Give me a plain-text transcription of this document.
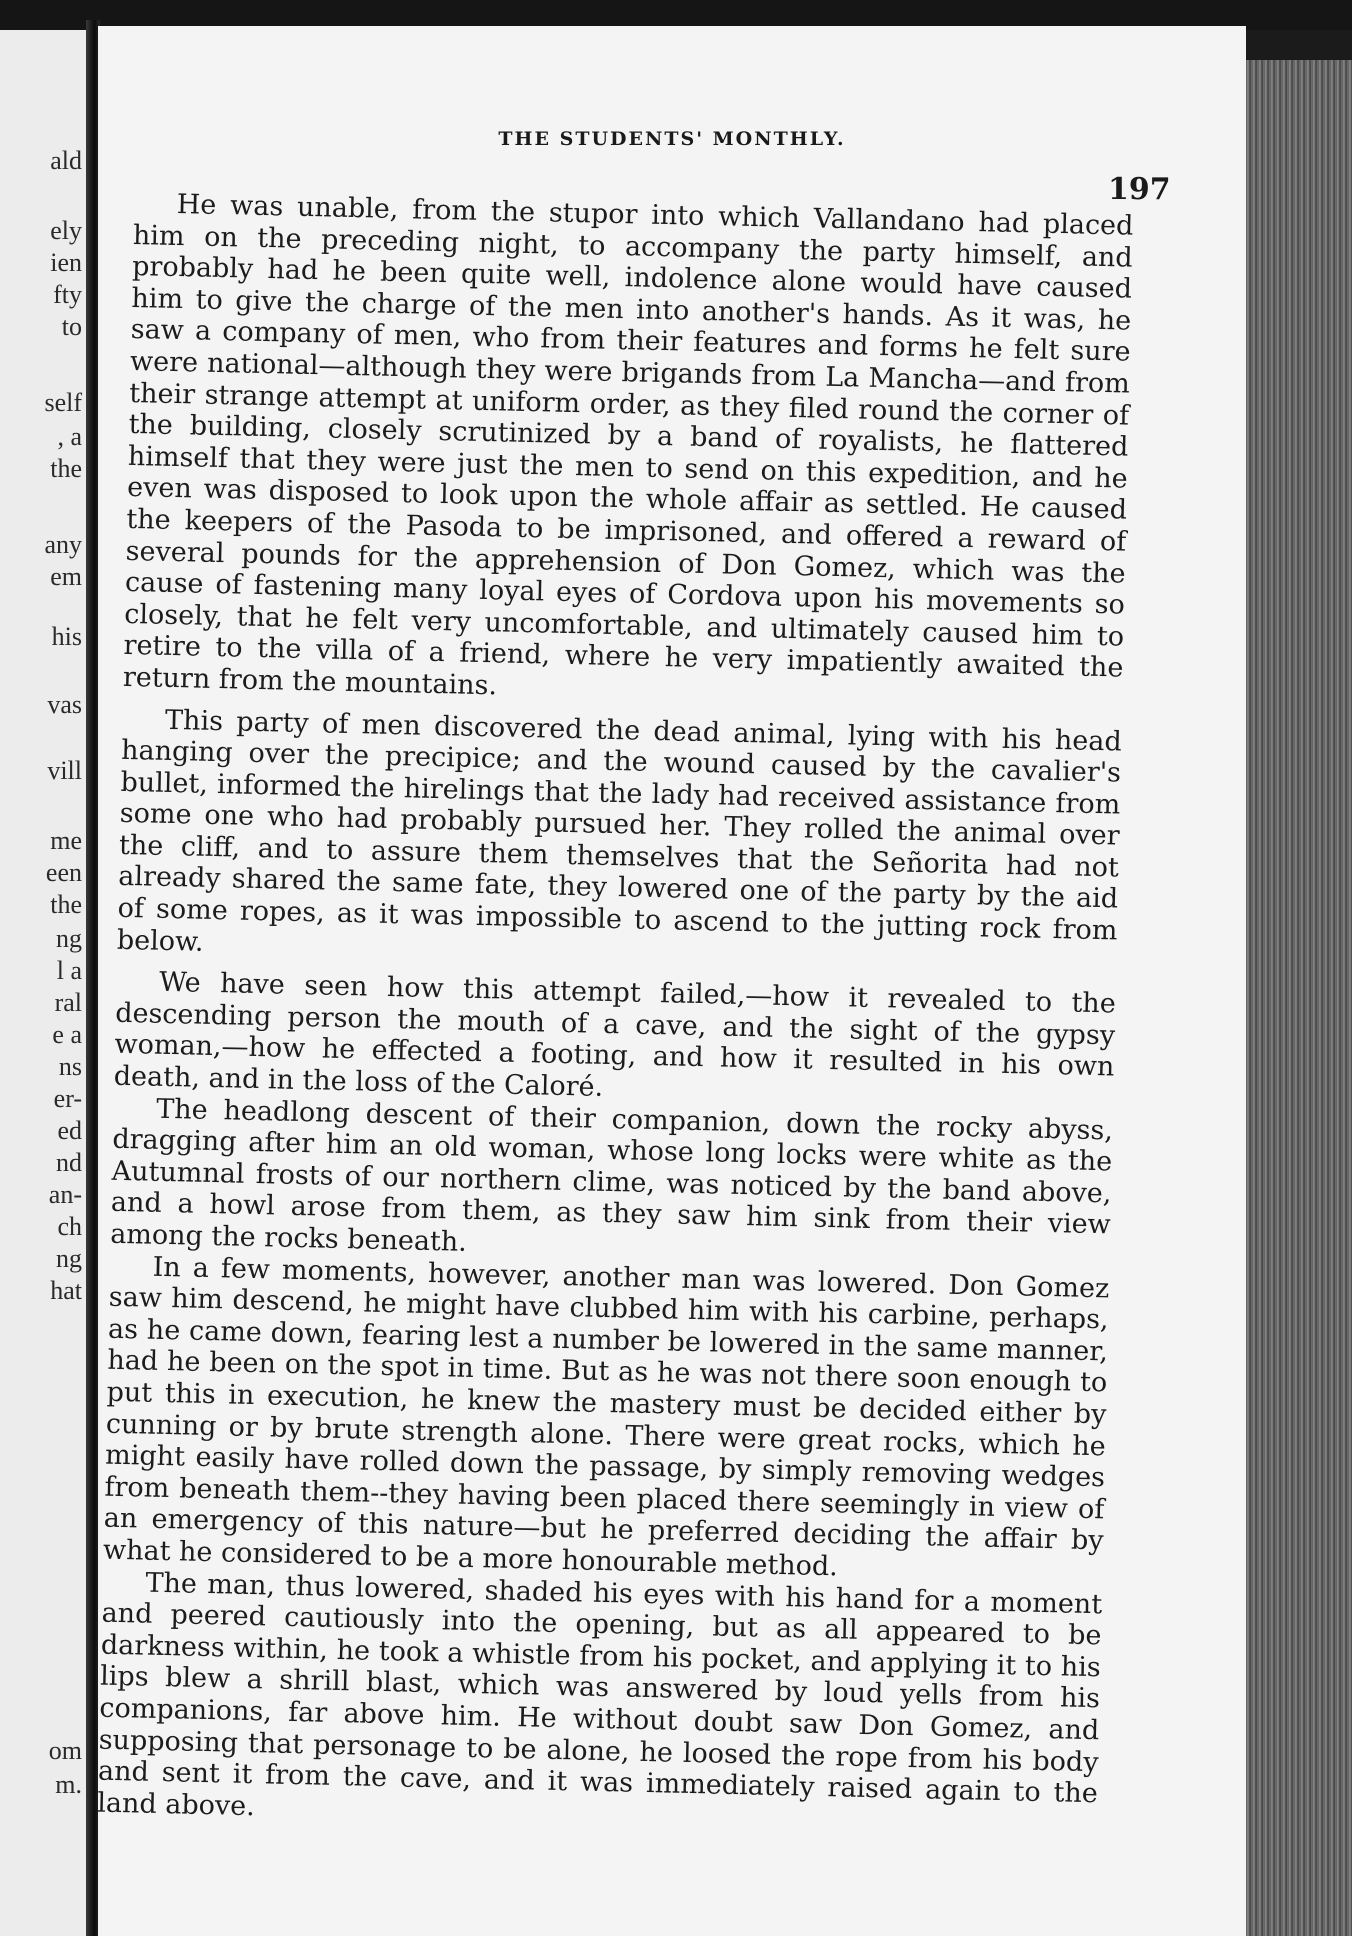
ald
ely
ien
fty
to
self
, a
the
any
em
his
vas
vill
me
een
the
ng
l a
ral
e a
ns
er-
ed
nd
an-
ch
ng
hat
om
m.
THE STUDENTS' MONTHLY.
197

He was unable, from the stupor into which Vallandano had placed him on the preceding night, to accompany the party himself, and probably had he been quite well, indolence alone would have caused him to give the charge of the men into another's hands. As it was, he saw a company of men, who from their features and forms he felt sure were national—although they were brigands from La Mancha—and from their strange attempt at uniform order, as they filed round the corner of the building, closely scrutinized by a band of royalists, he flattered himself that they were just the men to send on this expedition, and he even was disposed to look upon the whole affair as settled. He caused the keepers of the Pasoda to be imprisoned, and offered a reward of several pounds for the apprehension of Don Gomez, which was the cause of fastening many loyal eyes of Cordova upon his movements so closely, that he felt very uncomfortable, and ultimately caused him to retire to the villa of a friend, where he very impatiently awaited the return from the mountains.

This party of men discovered the dead animal, lying with his head hanging over the precipice; and the wound caused by the cavalier's bullet, informed the hirelings that the lady had received assistance from some one who had probably pursued her. They rolled the animal over the cliff, and to assure them themselves that the Señorita had not already shared the same fate, they lowered one of the party by the aid of some ropes, as it was impossible to ascend to the jutting rock from below.

We have seen how this attempt failed,—how it revealed to the descending person the mouth of a cave, and the sight of the gypsy woman,—how he effected a footing, and how it resulted in his own death, and in the loss of the Caloré.

The headlong descent of their companion, down the rocky abyss, dragging after him an old woman, whose long locks were white as the Autumnal frosts of our northern clime, was noticed by the band above, and a howl arose from them, as they saw him sink from their view among the rocks beneath.

In a few moments, however, another man was lowered. Don Gomez saw him descend, he might have clubbed him with his carbine, perhaps, as he came down, fearing lest a number be lowered in the same manner, had he been on the spot in time. But as he was not there soon enough to put this in execution, he knew the mastery must be decided either by cunning or by brute strength alone. There were great rocks, which he might easily have rolled down the passage, by simply removing wedges from beneath them--they having been placed there seemingly in view of an emergency of this nature—but he preferred deciding the affair by what he considered to be a more honourable method.

The man, thus lowered, shaded his eyes with his hand for a moment and peered cautiously into the opening, but as all appeared to be darkness within, he took a whistle from his pocket, and applying it to his lips blew a shrill blast, which was answered by loud yells from his companions, far above him. He without doubt saw Don Gomez, and supposing that personage to be alone, he loosed the rope from his body and sent it from the cave, and it was immediately raised again to the land above.
